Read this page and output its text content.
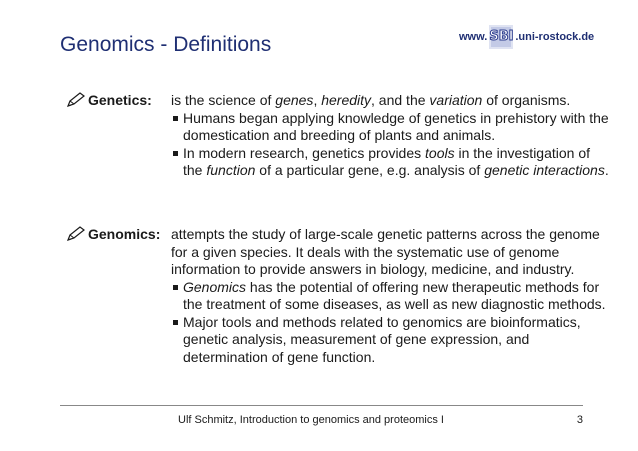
Genomics - Definitions	www. SBI .uni-rostock.de
Genetics: is the science of genes, heredity, and the variation of organisms.
Humans began applying knowledge of genetics in prehistory with the domestication and breeding of plants and animals.
In modern research, genetics provides tools in the investigation of the function of a particular gene, e.g. analysis of genetic interactions.
Genomics: attempts the study of large-scale genetic patterns across the genome for a given species. It deals with the systematic use of genome information to provide answers in biology, medicine, and industry.
Genomics has the potential of offering new therapeutic methods for the treatment of some diseases, as well as new diagnostic methods.
Major tools and methods related to genomics are bioinformatics, genetic analysis, measurement of gene expression, and determination of gene function.
Ulf Schmitz, Introduction to genomics and proteomics I	3
